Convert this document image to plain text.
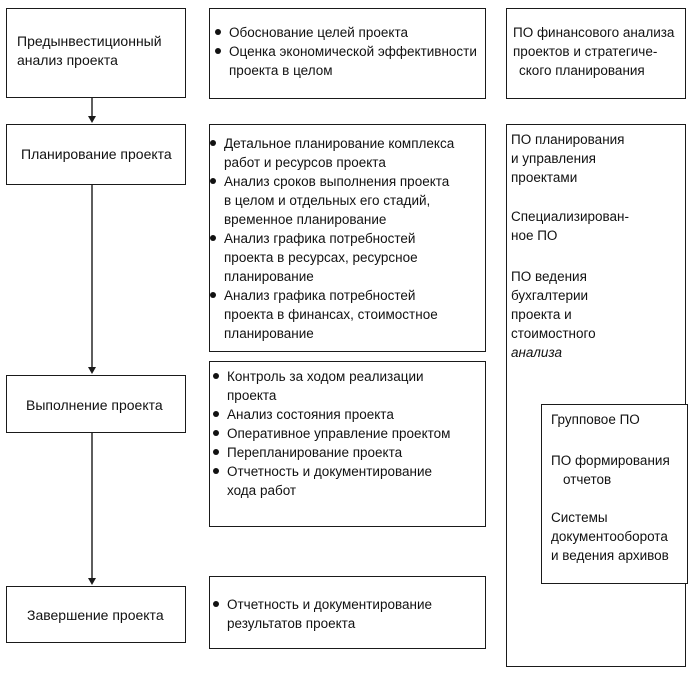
Предынвестиционный
анализ проекта
Планирование проекта
Выполнение проекта
Завершение проекта
Обоснование целей проекта
Оценка экономической эффективности
проекта в целом
Детальное планирование комплекса
работ и ресурсов проекта
Анализ сроков выполнения проекта
в целом и отдельных его стадий,
временное планирование
Анализ графика потребностей
проекта в ресурсах, ресурсное
планирование
Анализ графика потребностей
проекта в финансах, стоимостное
планирование
Контроль за ходом реализации
проекта
Анализ состояния проекта
Оперативное управление проектом
Перепланирование проекта
Отчетность и документирование
хода работ
Отчетность и документирование
результатов проекта
ПО финансового анализа
проектов и стратегиче-
ского планирования
ПО планирования
и управления
проектами
Специализирован-
ное ПО
ПО ведения
бухгалтерии
проекта и
стоимостного
анализа
Групповое ПО
ПО формирования
отчетов
Системы
документооборота
и ведения архивов
